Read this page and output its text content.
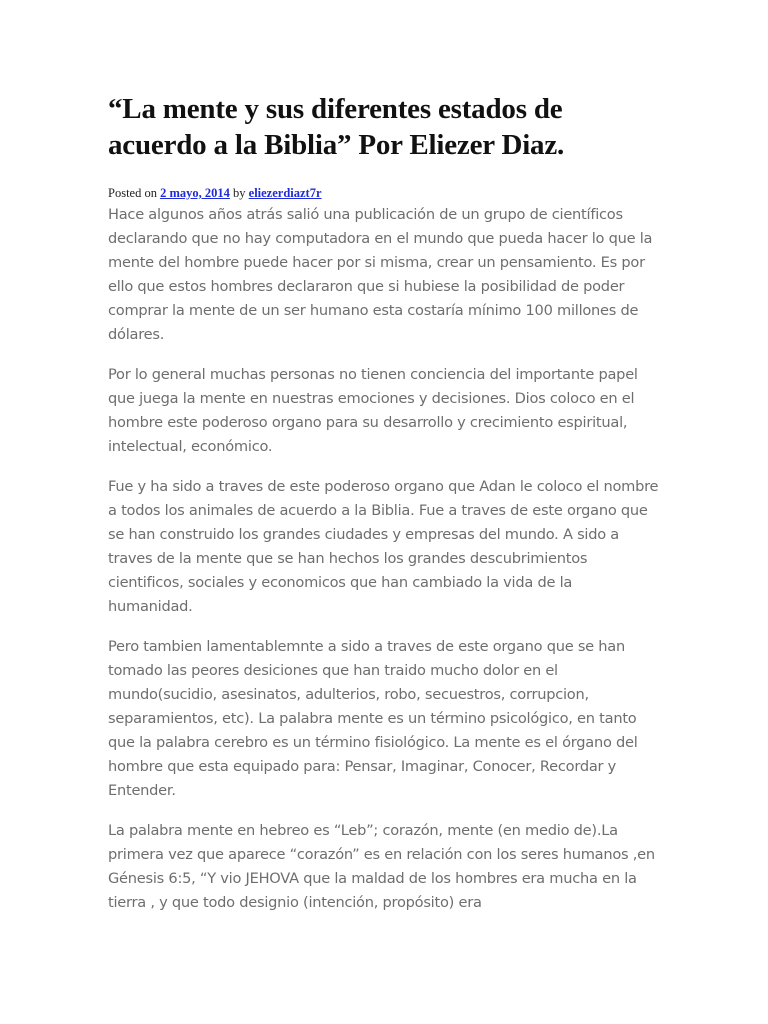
“La mente y sus diferentes estados de acuerdo a la Biblia” Por Eliezer Diaz.
Posted on 2 mayo, 2014 by eliezerdiazt7r

Hace algunos años atrás salió una publicación de un grupo de científicos declarando que no hay computadora en el mundo que pueda hacer lo que la mente del hombre puede hacer por si misma, crear un pensamiento. Es por ello que estos hombres declararon que si hubiese la posibilidad de poder comprar la mente de un ser humano esta costaría mínimo 100 millones de dólares.

Por lo general muchas personas no tienen conciencia del importante papel que juega la mente en nuestras emociones y decisiones. Dios coloco en el hombre este poderoso organo para su desarrollo y crecimiento espiritual, intelectual, económico.

Fue y ha sido a traves de este poderoso organo que Adan le coloco el nombre a todos los animales de acuerdo a la Biblia. Fue a traves de este organo que se han construido los grandes ciudades y empresas del mundo. A sido a traves de la mente que se han hechos los grandes descubrimientos cientificos, sociales y economicos que han cambiado la vida de la humanidad.

Pero tambien lamentablemnte a sido a traves de este organo que se han tomado las peores desiciones que han traido mucho dolor en el mundo(sucidio, asesinatos, adulterios, robo, secuestros, corrupcion, separamientos, etc). La palabra mente es un término psicológico, en tanto que la palabra cerebro es un término fisiológico. La mente es el órgano del hombre que esta equipado para: Pensar, Imaginar, Conocer, Recordar y Entender.

La palabra mente en hebreo es “Leb”; corazón, mente (en medio de).La primera vez que aparece “corazón” es en relación con los seres humanos ,en Génesis 6:5, “Y vio JEHOVA que la maldad de los hombres era mucha en la tierra , y que todo designio (intención, propósito) era
